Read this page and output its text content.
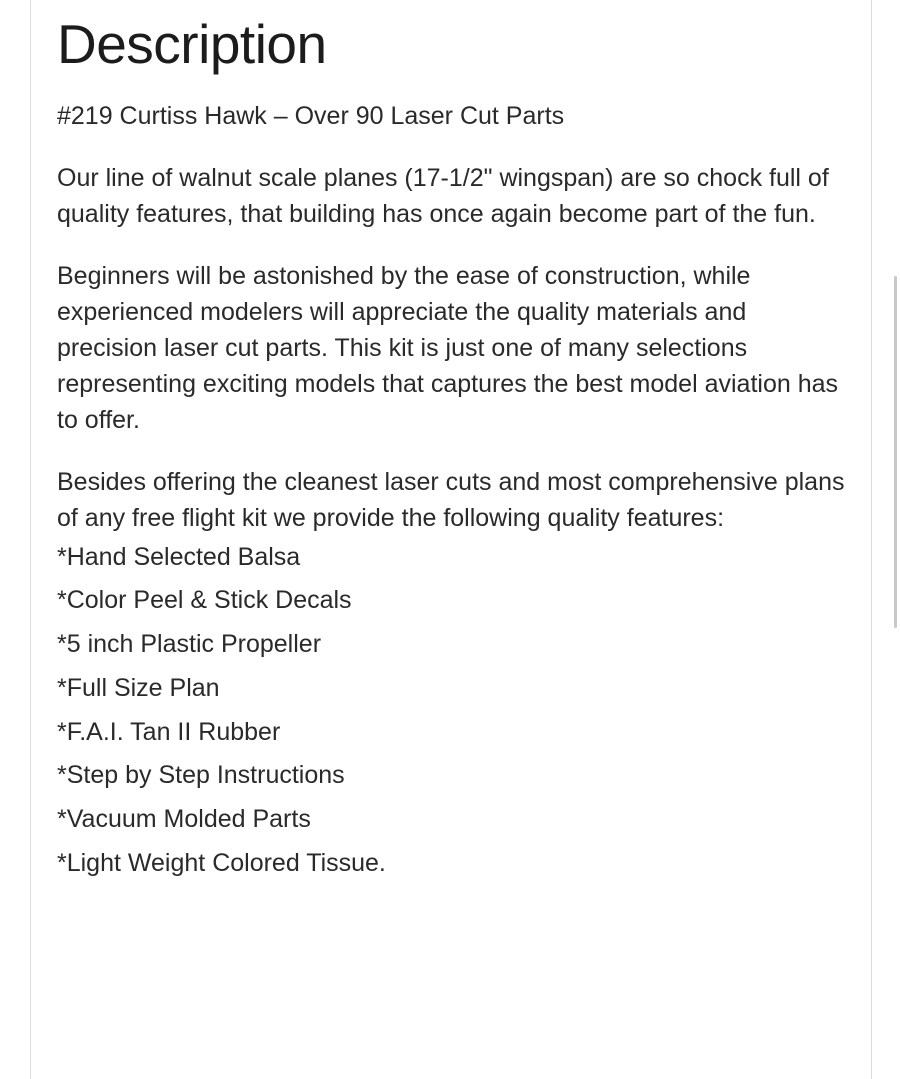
Description
#219 Curtiss Hawk – Over 90 Laser Cut Parts

Our line of walnut scale planes (17-1/2" wingspan) are so chock full of quality features, that building has once again become part of the fun.

Beginners will be astonished by the ease of construction, while experienced modelers will appreciate the quality materials and precision laser cut parts. This kit is just one of many selections representing exciting models that captures the best model aviation has to offer.

Besides offering the cleanest laser cuts and most comprehensive plans of any free flight kit we provide the following quality features:

*Hand Selected Balsa
*Color Peel & Stick Decals
*5 inch Plastic Propeller
*Full Size Plan
*F.A.I. Tan II Rubber
*Step by Step Instructions
*Vacuum Molded Parts
*Light Weight Colored Tissue.
